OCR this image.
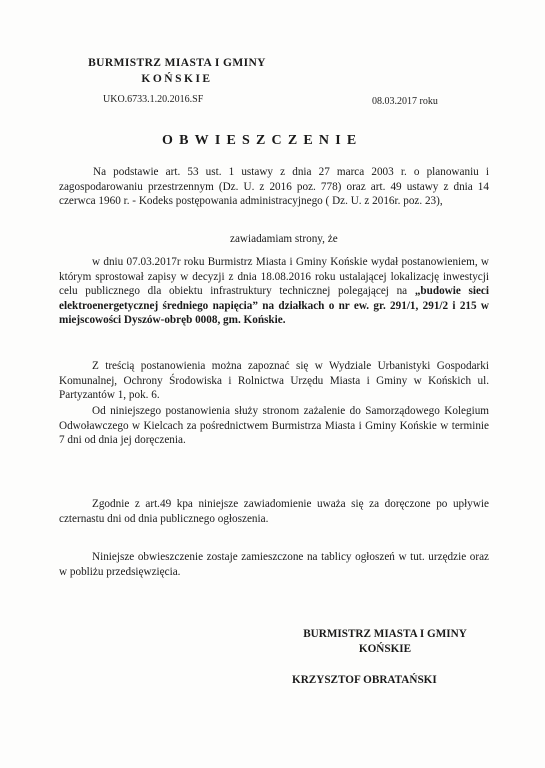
BURMISTRZ MIASTA I GMINY
KOŃSKIE
UKO.6733.1.20.2016.SF	08.03.2017 roku
OBWIESZCZENIE
Na podstawie art. 53 ust. 1 ustawy z dnia 27 marca 2003 r. o planowaniu i zagospodarowaniu przestrzennym (Dz. U. z 2016 poz. 778) oraz art. 49 ustawy z dnia 14 czerwca 1960 r. - Kodeks postępowania administracyjnego ( Dz. U. z 2016r. poz. 23),
zawiadamiam strony, że
w dniu 07.03.2017r roku Burmistrz Miasta i Gminy Końskie wydał postanowieniem, w którym sprostował zapisy w decyzji z dnia 18.08.2016 roku ustalającej lokalizację inwestycji celu publicznego dla obiektu infrastruktury technicznej polegającej na „budowie sieci elektroenergetycznej średniego napięcia” na działkach o nr ew. gr. 291/1, 291/2 i 215 w miejscowości Dyszów-obręb 0008, gm. Końskie.
Z treścią postanowienia można zapoznać się w Wydziale Urbanistyki Gospodarki Komunalnej, Ochrony Środowiska i Rolnictwa Urzędu Miasta i Gminy w Końskich ul. Partyzantów 1, pok. 6.
Od niniejszego postanowienia służy stronom zażalenie do Samorządowego Kolegium Odwoławczego w Kielcach za pośrednictwem Burmistrza Miasta i Gminy Końskie w terminie 7 dni od dnia jej doręczenia.
Zgodnie z art.49 kpa niniejsze zawiadomienie uważa się za doręczone po upływie czternastu dni od dnia publicznego ogłoszenia.
Niniejsze obwieszczenie zostaje zamieszczone na tablicy ogłoszeń w tut. urzędzie oraz w pobliżu przedsięwzięcia.
BURMISTRZ MIASTA I GMINY
KOŃSKIE
KRZYSZTOF OBRATAŃSKI
